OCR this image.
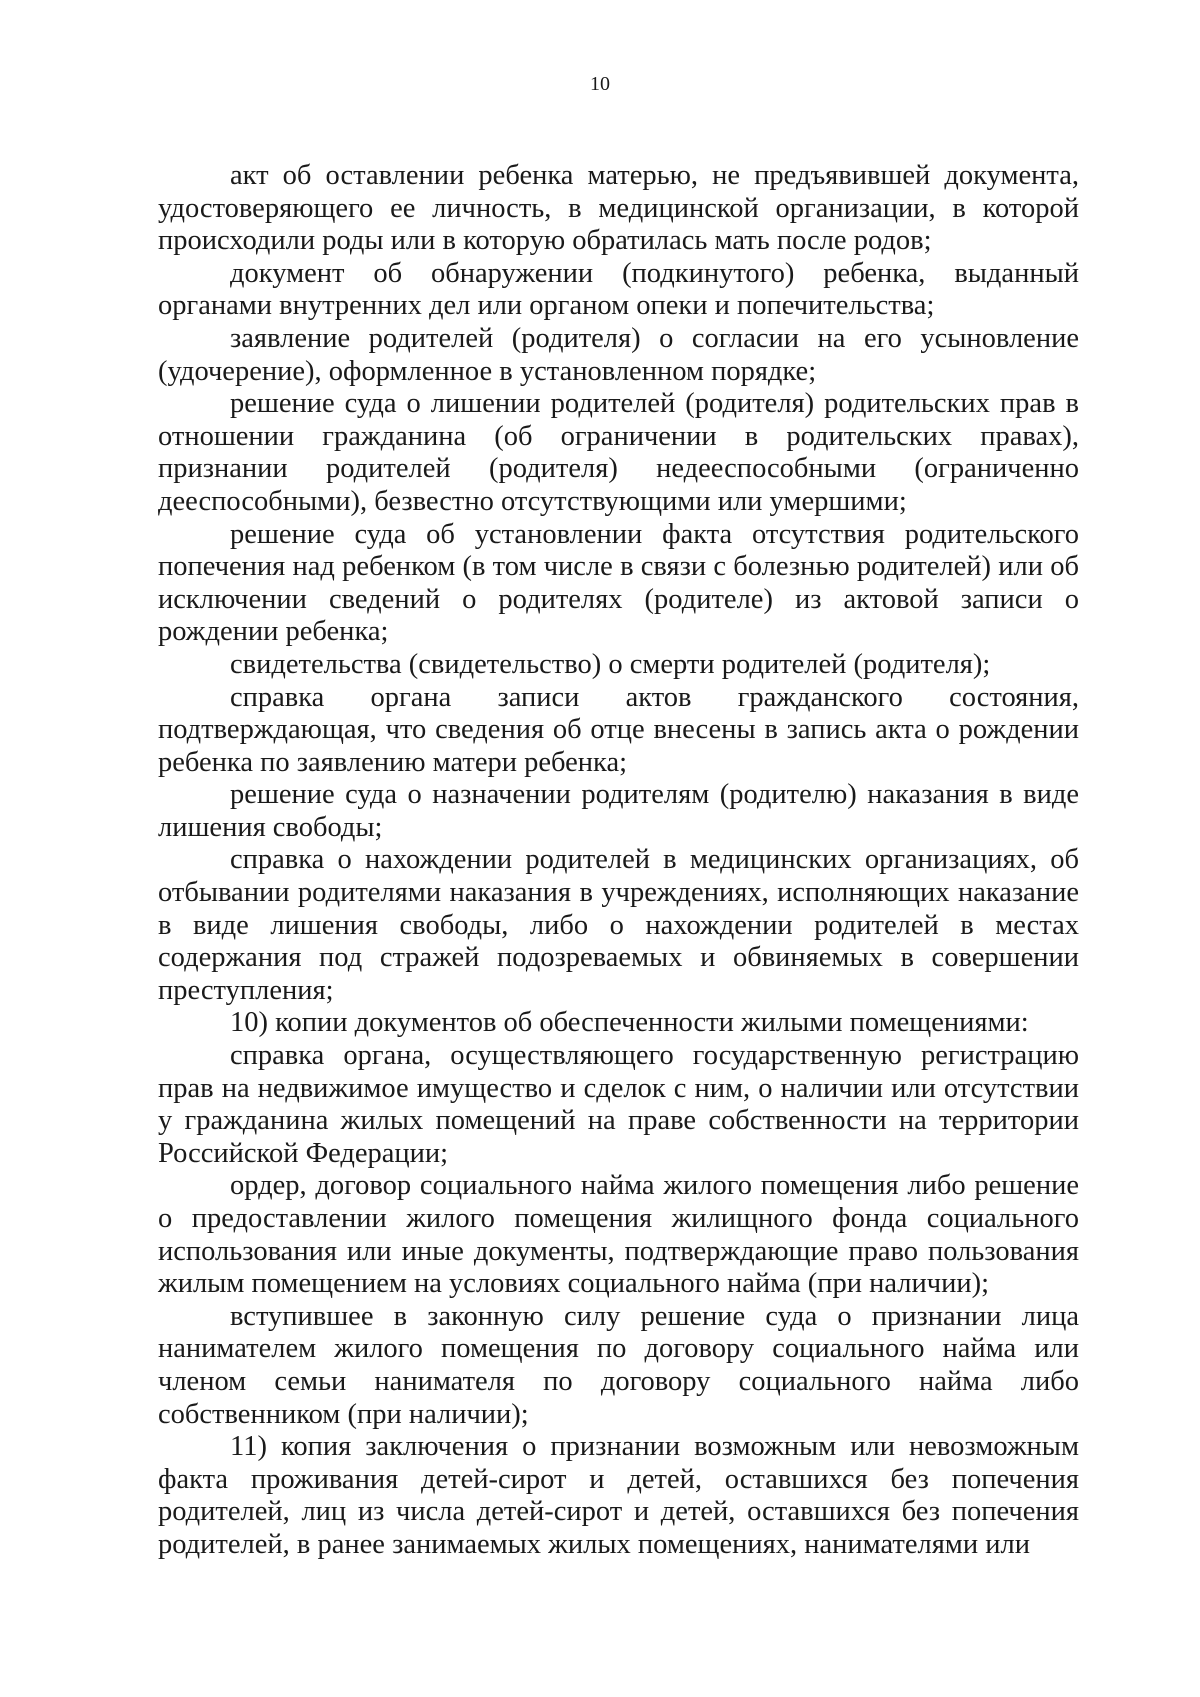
10

акт об оставлении ребенка матерью, не предъявившей документа, удостоверяющего ее личность, в медицинской организации, в которой происходили роды или в которую обратилась мать после родов;

документ об обнаружении (подкинутого) ребенка, выданный органами внутренних дел или органом опеки и попечительства;

заявление родителей (родителя) о согласии на его усыновление (удочерение), оформленное в установленном порядке;

решение суда о лишении родителей (родителя) родительских прав в отношении гражданина (об ограничении в родительских правах), признании родителей (родителя) недееспособными (ограниченно дееспособными), безвестно отсутствующими или умершими;

решение суда об установлении факта отсутствия родительского попечения над ребенком (в том числе в связи с болезнью родителей) или об исключении сведений о родителях (родителе) из актовой записи о рождении ребенка;

свидетельства (свидетельство) о смерти родителей (родителя);

справка органа записи актов гражданского состояния, подтверждающая, что сведения об отце внесены в запись акта о рождении ребенка по заявлению матери ребенка;

решение суда о назначении родителям (родителю) наказания в виде лишения свободы;

справка о нахождении родителей в медицинских организациях, об отбывании родителями наказания в учреждениях, исполняющих наказание в виде лишения свободы, либо о нахождении родителей в местах содержания под стражей подозреваемых и обвиняемых в совершении преступления;

10) копии документов об обеспеченности жилыми помещениями:

справка органа, осуществляющего государственную регистрацию прав на недвижимое имущество и сделок с ним, о наличии или отсутствии у гражданина жилых помещений на праве собственности на территории Российской Федерации;

ордер, договор социального найма жилого помещения либо решение о предоставлении жилого помещения жилищного фонда социального использования или иные документы, подтверждающие право пользования жилым помещением на условиях социального найма (при наличии);

вступившее в законную силу решение суда о признании лица нанимателем жилого помещения по договору социального найма или членом семьи нанимателя по договору социального найма либо собственником (при наличии);

11) копия заключения о признании возможным или невозможным факта проживания детей-сирот и детей, оставшихся без попечения родителей, лиц из числа детей-сирот и детей, оставшихся без попечения родителей, в ранее занимаемых жилых помещениях, нанимателями или
